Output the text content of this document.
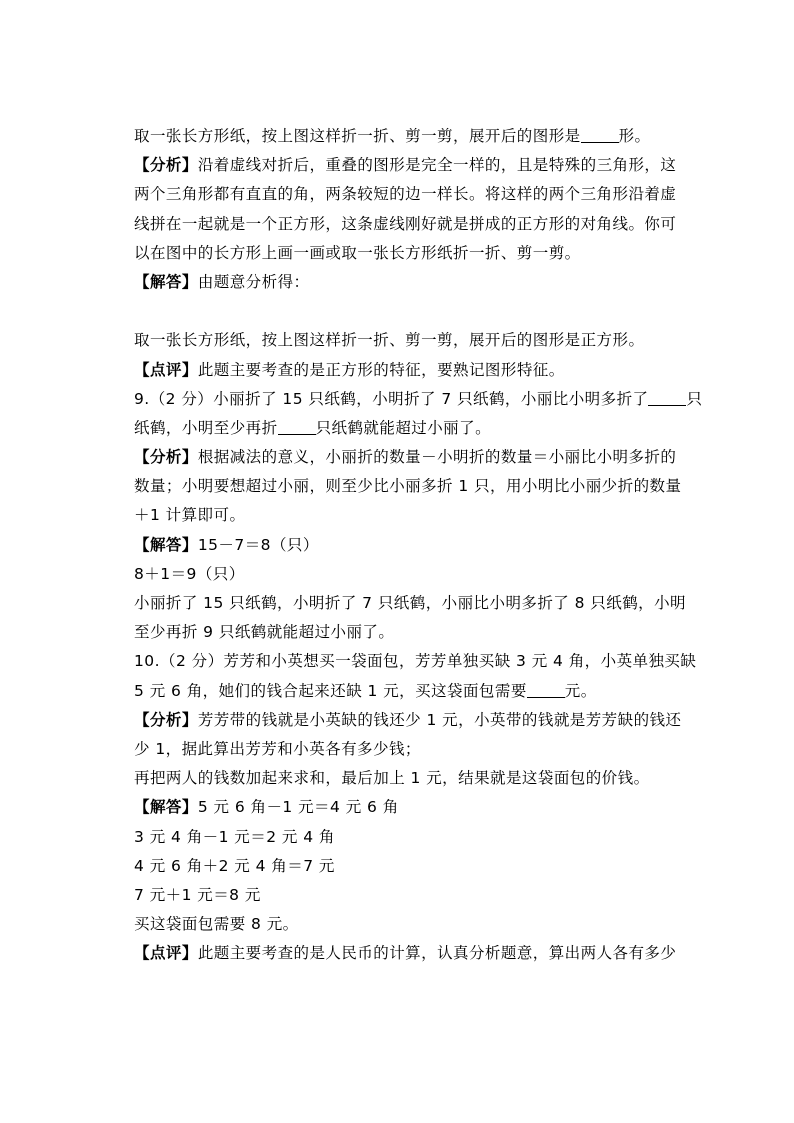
取一张长方形纸，按上图这样折一折、剪一剪，展开后的图形是 形。
【分析】沿着虚线对折后，重叠的图形是完全一样的，且是特殊的三角形，这
两个三角形都有直直的角，两条较短的边一样长。将这样的两个三角形沿着虚
线拼在一起就是一个正方形，这条虚线刚好就是拼成的正方形的对角线。你可
以在图中的长方形上画一画或取一张长方形纸折一折、剪一剪。
【解答】由题意分析得：
取一张长方形纸，按上图这样折一折、剪一剪，展开后的图形是正方形。
【点评】此题主要考查的是正方形的特征，要熟记图形特征。
9.（2 分）小丽折了 15 只纸鹤，小明折了 7 只纸鹤，小丽比小明多折了 只
纸鹤，小明至少再折 只纸鹤就能超过小丽了。
【分析】根据减法的意义，小丽折的数量－小明折的数量＝小丽比小明多折的
数量；小明要想超过小丽，则至少比小丽多折 1 只，用小明比小丽少折的数量
＋1 计算即可。
【解答】15－7＝8（只）
8＋1＝9（只）
小丽折了 15 只纸鹤，小明折了 7 只纸鹤，小丽比小明多折了 8 只纸鹤，小明
至少再折 9 只纸鹤就能超过小丽了。
10.（2 分）芳芳和小英想买一袋面包，芳芳单独买缺 3 元 4 角，小英单独买缺
5 元 6 角，她们的钱合起来还缺 1 元，买这袋面包需要 元。
【分析】芳芳带的钱就是小英缺的钱还少 1 元，小英带的钱就是芳芳缺的钱还
少 1，据此算出芳芳和小英各有多少钱；
再把两人的钱数加起来求和，最后加上 1 元，结果就是这袋面包的价钱。
【解答】5 元 6 角－1 元＝4 元 6 角
3 元 4 角－1 元＝2 元 4 角
4 元 6 角＋2 元 4 角＝7 元
7 元＋1 元＝8 元
买这袋面包需要 8 元。
【点评】此题主要考查的是人民币的计算，认真分析题意，算出两人各有多少
